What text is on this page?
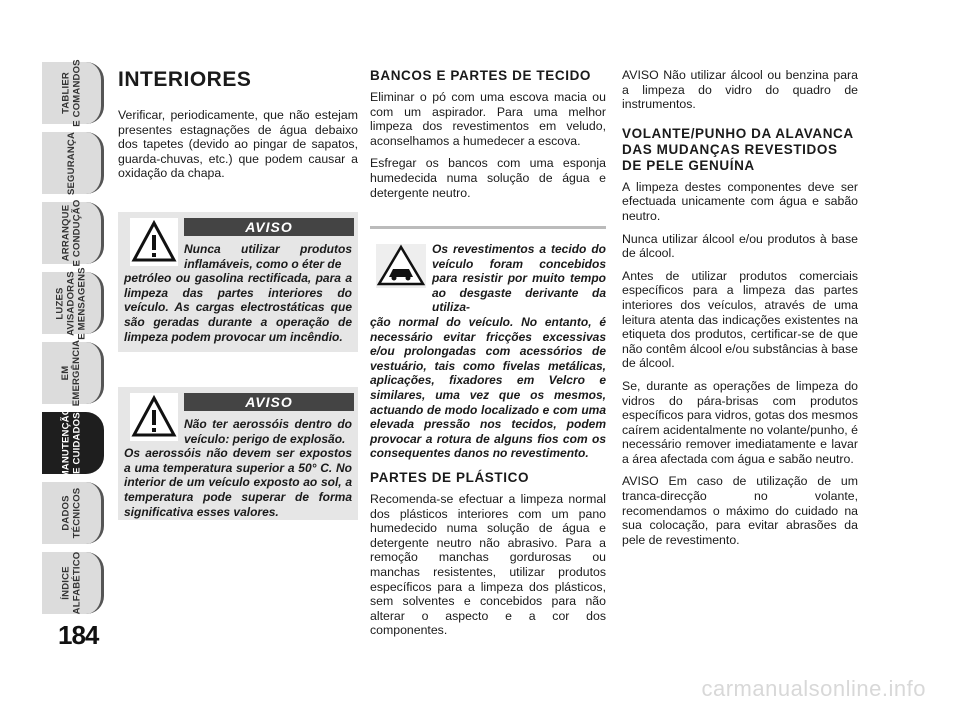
TABLIER
E COMANDOS
SEGURANÇA
ARRANQUE
E CONDUÇÃO
LUZES
AVISADORAS
E MENSAGENS
EM
EMERGÊNCIA
MANUTENÇÃO
E CUIDADOS
DADOS
TÉCNICOS
ÍNDICE
ALFABÉTICO
184
INTERIORES

Verificar, periodicamente, que não estejam presentes estagnações de água debaixo dos tapetes (devido ao pingar de sapatos, guarda-chuvas, etc.) que podem causar a oxidação da chapa.

AVISO
Nunca utilizar produtos inflamáveis, como o éter de
petróleo ou gasolina rectificada, para a limpeza das partes interiores do veículo. As cargas electrostáticas que são geradas durante a operação de limpeza podem provocar um incêndio.
AVISO
Não ter aerossóis dentro do veículo: perigo de explosão.
Os aerossóis não devem ser expostos a uma temperatura superior a 50° C. No interior de um veículo exposto ao sol, a temperatura pode superar de forma significativa esses valores.
BANCOS E PARTES DE TECIDO

Eliminar o pó com uma escova macia ou com um aspirador. Para uma melhor limpeza dos revestimentos em veludo, aconselhamos a humedecer a escova.

Esfregar os bancos com uma esponja humedecida numa solução de água e detergente neutro.

Os revestimentos a tecido do veículo foram concebidos para resistir por muito tempo ao desgaste derivante da utiliza-
ção normal do veículo. No entanto, é necessário evitar fricções excessivas e/ou prolongadas com acessórios de vestuário, tais como fivelas metálicas, aplicações, fixadores em Velcro e similares, uma vez que os mesmos, actuando de modo localizado e com uma elevada pressão nos tecidos, podem provocar a rotura de alguns fios com os consequentes danos no revestimento.
PARTES DE PLÁSTICO

Recomenda-se efectuar a limpeza normal dos plásticos interiores com um pano humedecido numa solução de água e detergente neutro não abrasivo. Para a remoção manchas gordurosas ou manchas resistentes, utilizar produtos específicos para a limpeza dos plásticos, sem solventes e concebidos para não alterar o aspecto e a cor dos componentes.

AVISO Não utilizar álcool ou benzina para a limpeza do vidro do quadro de instrumentos.

VOLANTE/PUNHO DA ALAVANCA DAS MUDANÇAS REVESTIDOS DE PELE GENUÍNA

A limpeza destes componentes deve ser efectuada unicamente com água e sabão neutro.

Nunca utilizar álcool e/ou produtos à base de álcool.

Antes de utilizar produtos comerciais específicos para a limpeza das partes interiores dos veículos, através de uma leitura atenta das indicações existentes na etiqueta dos produtos, certificar-se de que não contêm álcool e/ou substâncias à base de álcool.

Se, durante as operações de limpeza do vidros do pára-brisas com produtos específicos para vidros, gotas dos mesmos caírem acidentalmente no volante/punho, é necessário remover imediatamente e lavar a área afectada com água e sabão neutro.

AVISO Em caso de utilização de um tranca-direcção no volante, recomendamos o máximo do cuidado na sua colocação, para evitar abrasões da pele de revestimento.

carmanualsonline.info
